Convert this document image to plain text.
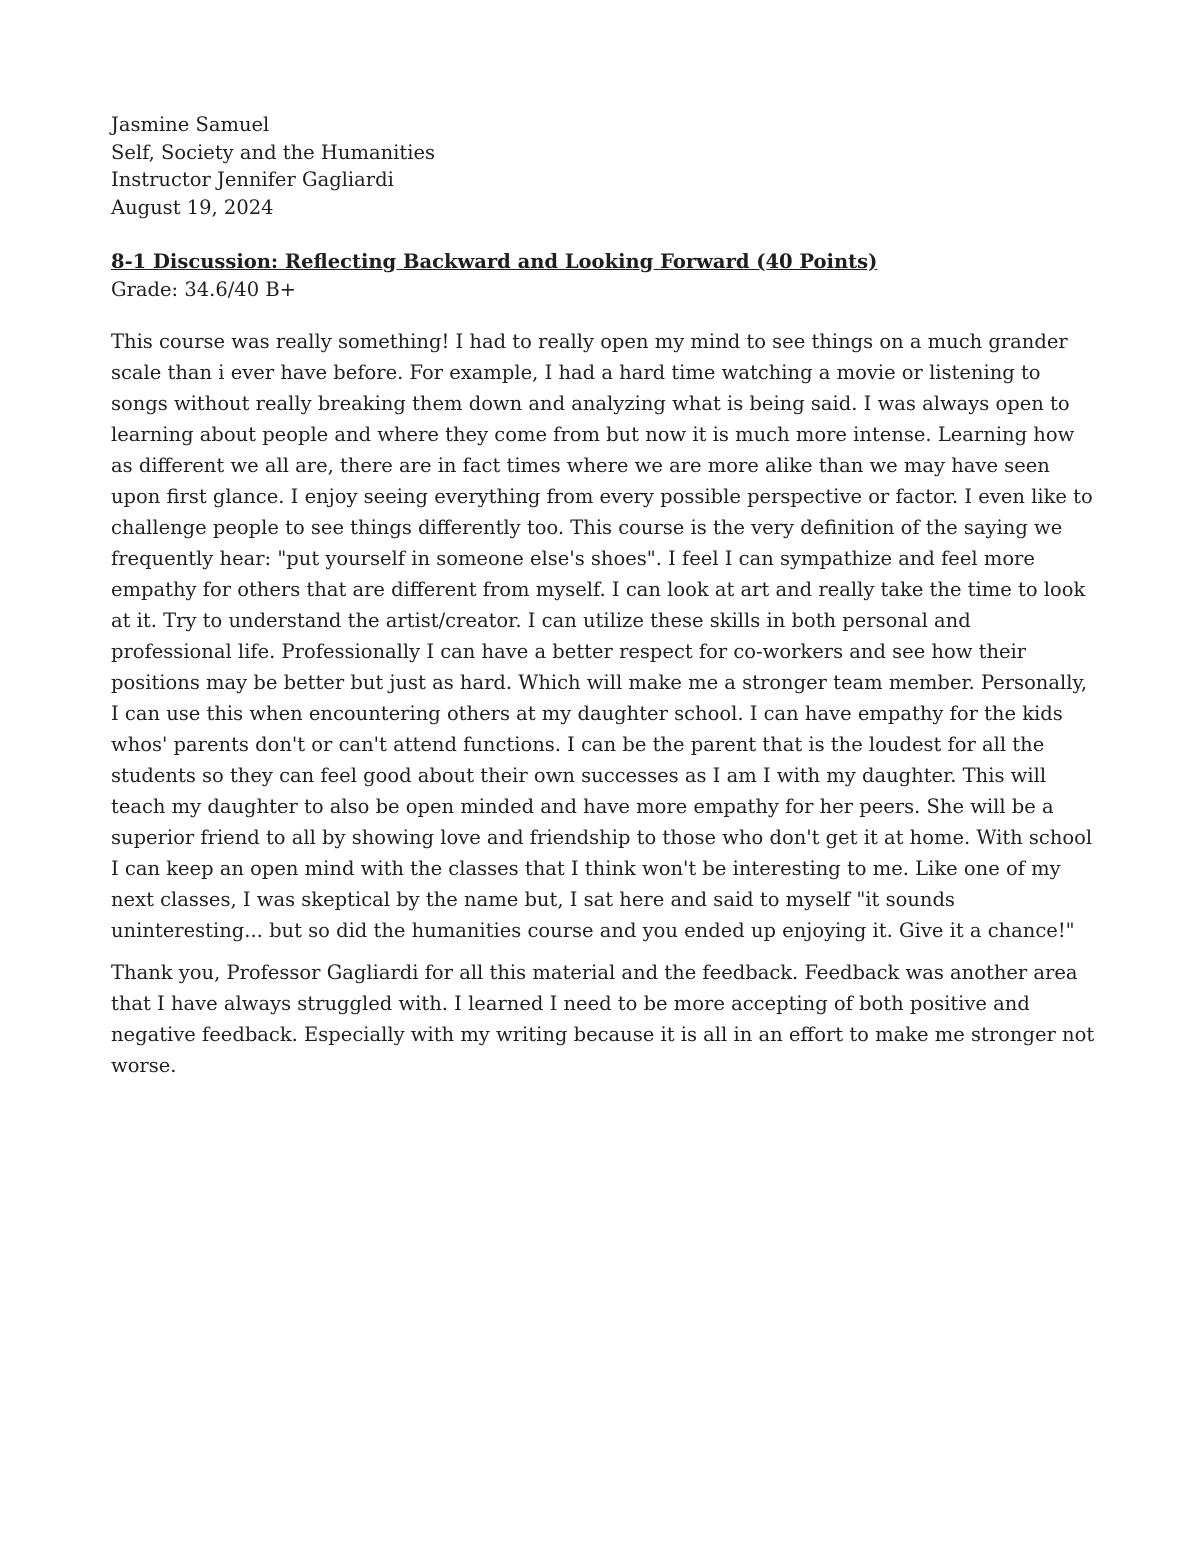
Jasmine Samuel
Self, Society and the Humanities
Instructor Jennifer Gagliardi
August 19, 2024
8-1 Discussion: Reflecting Backward and Looking Forward (40 Points)
Grade: 34.6/40 B+

This course was really something! I had to really open my mind to see things on a much grander scale than i ever have before. For example, I had a hard time watching a movie or listening to songs without really breaking them down and analyzing what is being said. I was always open to learning about people and where they come from but now it is much more intense. Learning how as different we all are, there are in fact times where we are more alike than we may have seen upon first glance. I enjoy seeing everything from every possible perspective or factor. I even like to challenge people to see things differently too. This course is the very definition of the saying we frequently hear: "put yourself in someone else's shoes". I feel I can sympathize and feel more empathy for others that are different from myself. I can look at art and really take the time to look at it. Try to understand the artist/creator. I can utilize these skills in both personal and professional life. Professionally I can have a better respect for co-workers and see how their positions may be better but just as hard. Which will make me a stronger team member. Personally, I can use this when encountering others at my daughter school. I can have empathy for the kids whos' parents don't or can't attend functions. I can be the parent that is the loudest for all the students so they can feel good about their own successes as I am I with my daughter. This will teach my daughter to also be open minded and have more empathy for her peers. She will be a superior friend to all by showing love and friendship to those who don't get it at home. With school I can keep an open mind with the classes that I think won't be interesting to me. Like one of my next classes, I was skeptical by the name but, I sat here and said to myself "it sounds uninteresting... but so did the humanities course and you ended up enjoying it. Give it a chance!"

Thank you, Professor Gagliardi for all this material and the feedback. Feedback was another area that I have always struggled with. I learned I need to be more accepting of both positive and negative feedback. Especially with my writing because it is all in an effort to make me stronger not worse.
